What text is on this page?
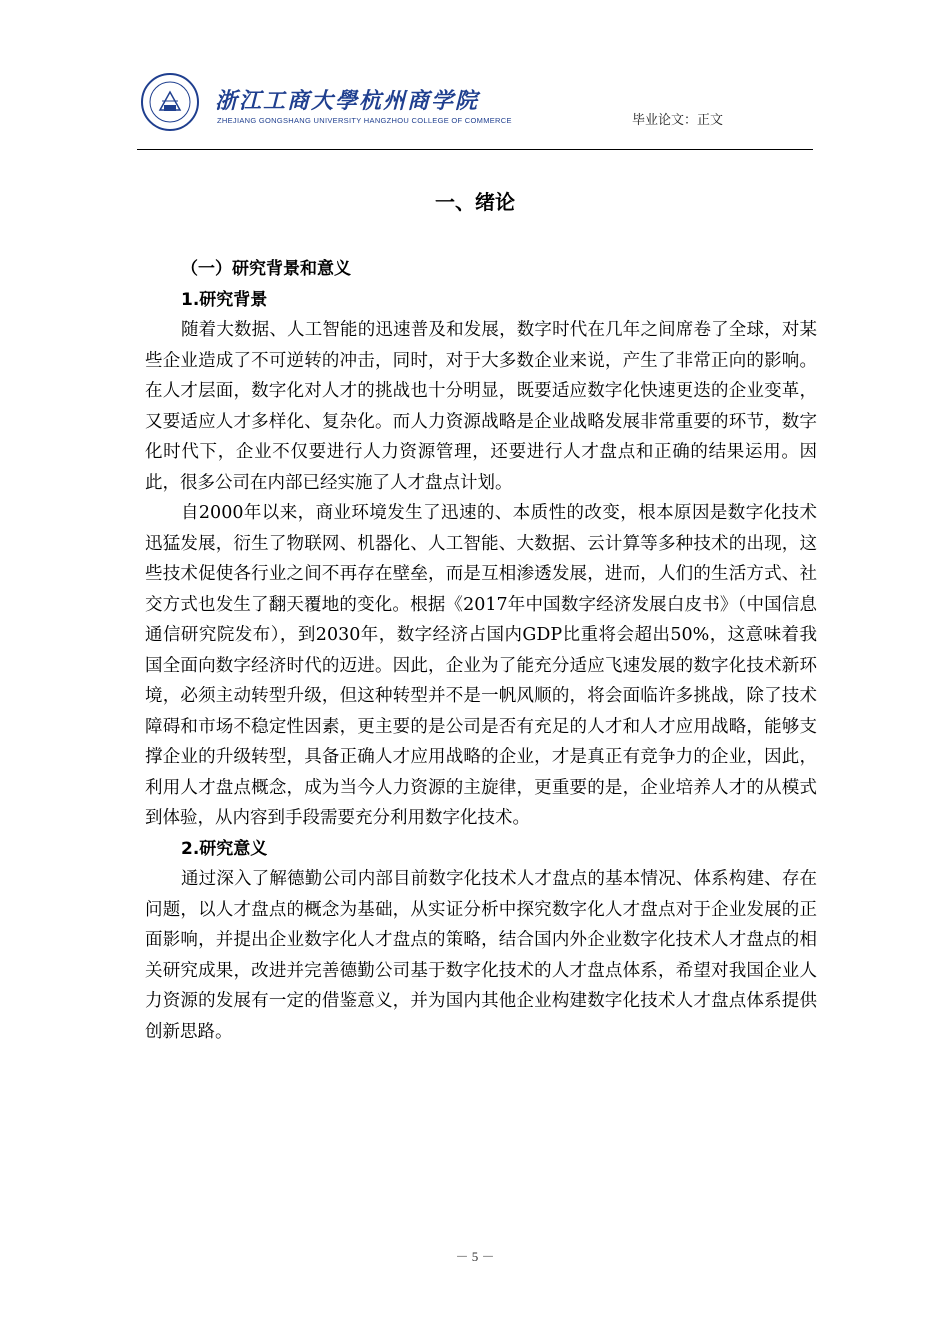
浙江工商大學杭州商学院
ZHEJIANG GONGSHANG UNIVERSITY HANGZHOU COLLEGE OF COMMERCE	毕业论文：正文
一、绪论

（一）研究背景和意义

1.研究背景

随着大数据、人工智能的迅速普及和发展，数字时代在几年之间席卷了全球，对某些企业造成了不可逆转的冲击，同时，对于大多数企业来说，产生了非常正向的影响。在人才层面，数字化对人才的挑战也十分明显，既要适应数字化快速更迭的企业变革，又要适应人才多样化、复杂化。而人力资源战略是企业战略发展非常重要的环节，数字化时代下，企业不仅要进行人力资源管理，还要进行人才盘点和正确的结果运用。因此，很多公司在内部已经实施了人才盘点计划。

自2000年以来，商业环境发生了迅速的、本质性的改变，根本原因是数字化技术迅猛发展，衍生了物联网、机器化、人工智能、大数据、云计算等多种技术的出现，这些技术促使各行业之间不再存在壁垒，而是互相渗透发展，进而，人们的生活方式、社交方式也发生了翻天覆地的变化。根据《2017年中国数字经济发展白皮书》（中国信息通信研究院发布），到2030年，数字经济占国内GDP比重将会超出50%，这意味着我国全面向数字经济时代的迈进。因此，企业为了能充分适应飞速发展的数字化技术新环境，必须主动转型升级，但这种转型并不是一帆风顺的，将会面临许多挑战，除了技术障碍和市场不稳定性因素，更主要的是公司是否有充足的人才和人才应用战略，能够支撑企业的升级转型，具备正确人才应用战略的企业，才是真正有竞争力的企业，因此，利用人才盘点概念，成为当今人力资源的主旋律，更重要的是，企业培养人才的从模式到体验，从内容到手段需要充分利用数字化技术。

2.研究意义

通过深入了解德勤公司内部目前数字化技术人才盘点的基本情况、体系构建、存在问题，以人才盘点的概念为基础，从实证分析中探究数字化人才盘点对于企业发展的正面影响，并提出企业数字化人才盘点的策略，结合国内外企业数字化技术人才盘点的相关研究成果，改进并完善德勤公司基于数字化技术的人才盘点体系，希望对我国企业人力资源的发展有一定的借鉴意义，并为国内其他企业构建数字化技术人才盘点体系提供创新思路。

－ 5 －
